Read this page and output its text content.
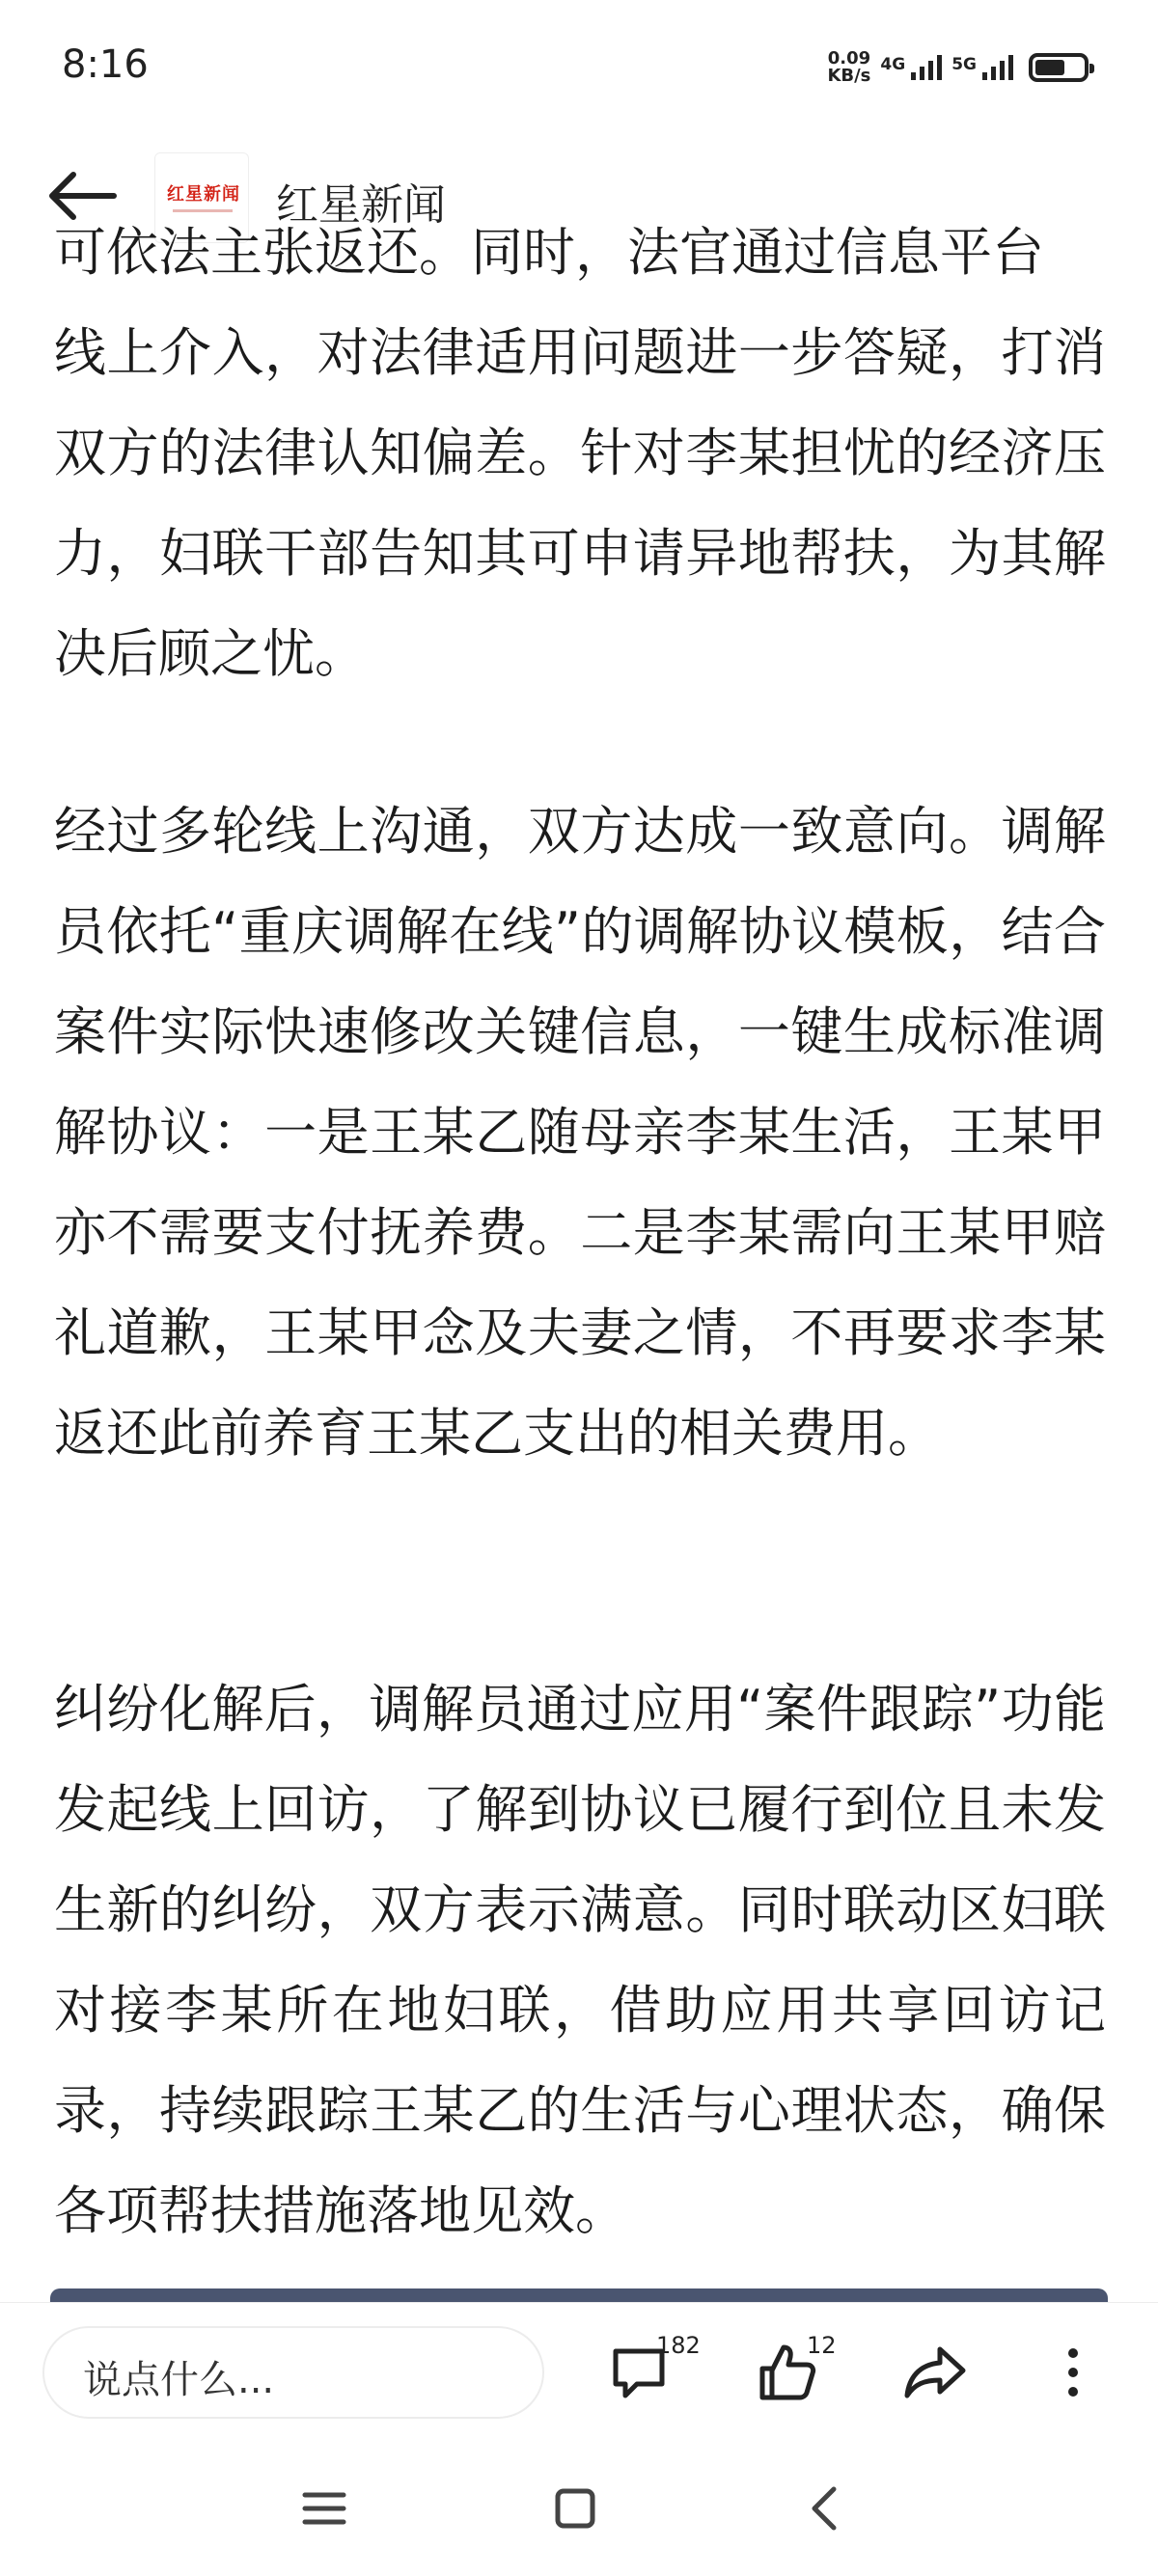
8:16	0.09
KB/s
4G	5G
红星新闻 红星新闻
可依法主张返还。同时，法官通过信息平台

线上介入，对法律适用问题进一步答疑，打消双方的法律认知偏差。针对李某担忧的经济压力，妇联干部告知其可申请异地帮扶，为其解决后顾之忧。

经过多轮线上沟通，双方达成一致意向。调解员依托“重庆调解在线”的调解协议模板，结合案件实际快速修改关键信息，一键生成标准调解协议：一是王某乙随母亲李某生活，王某甲亦不需要支付抚养费。二是李某需向王某甲赔礼道歉，王某甲念及夫妻之情，不再要求李某返还此前养育王某乙支出的相关费用。

纠纷化解后，调解员通过应用“案件跟踪”功能发起线上回访，了解到协议已履行到位且未发生新的纠纷，双方表示满意。同时联动区妇联对接李某所在地妇联，借助应用共享回访记录，持续跟踪王某乙的生活与心理状态，确保各项帮扶措施落地见效。

说点什么...
182	12
